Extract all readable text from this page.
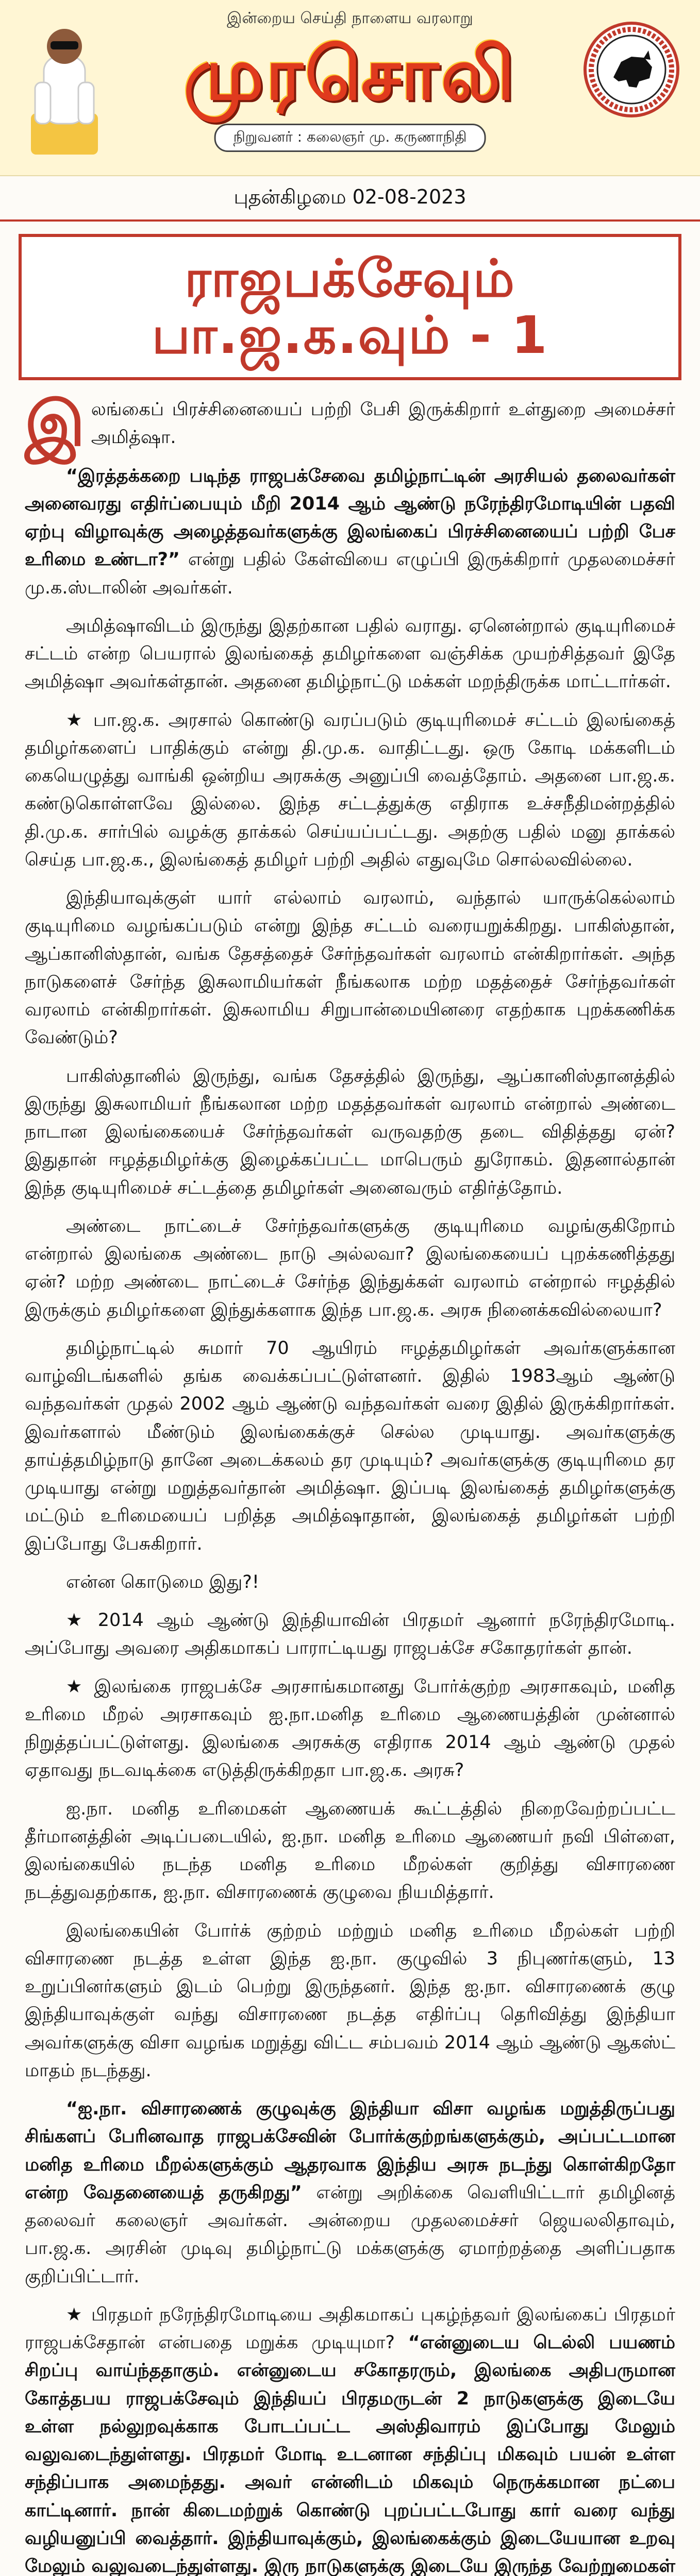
இன்றைய செய்தி நாளைய வரலாறு
முரசொலி
நிறுவனர் : கலைஞர் மு. கருணாநிதி
புதன்கிழமை 02-08-2023
ராஜபக்சேவும் பா.ஜ.க.வும் - 1

இலங்கைப் பிரச்சினையைப் பற்றி பேசி இருக்கிறார் உள்துறை அமைச்சர் அமித்ஷா.

“இரத்தக்கறை படிந்த ராஜபக்சேவை தமிழ்நாட்டின் அரசியல் தலைவர்கள் அனைவரது எதிர்ப்பையும் மீறி 2014 ஆம் ஆண்டு நரேந்திரமோடியின் பதவி ஏற்பு விழாவுக்கு அழைத்தவர்களுக்கு இலங்கைப் பிரச்சினையைப் பற்றி பேச உரிமை உண்டா?” என்று பதில் கேள்வியை எழுப்பி இருக்கிறார் முதலமைச்சர் மு.க.ஸ்டாலின் அவர்கள்.

அமித்ஷாவிடம் இருந்து இதற்கான பதில் வராது. ஏனென்றால் குடியுரிமைச் சட்டம் என்ற பெயரால் இலங்கைத் தமிழர்களை வஞ்சிக்க முயற்சித்தவர் இதே அமித்ஷா அவர்கள்தான். அதனை தமிழ்நாட்டு மக்கள் மறந்திருக்க மாட்டார்கள்.

★ பா.ஜ.க. அரசால் கொண்டு வரப்படும் குடியுரிமைச் சட்டம் இலங்கைத் தமிழர்களைப் பாதிக்கும் என்று தி.மு.க. வாதிட்டது. ஒரு கோடி மக்களிடம் கையெழுத்து வாங்கி ஒன்றிய அரசுக்கு அனுப்பி வைத்தோம். அதனை பா.ஜ.க. கண்டுகொள்ளவே இல்லை. இந்த சட்டத்துக்கு எதிராக உச்சநீதிமன்றத்தில் தி.மு.க. சார்பில் வழக்கு தாக்கல் செய்யப்பட்டது. அதற்கு பதில் மனு தாக்கல் செய்த பா.ஜ.க., இலங்கைத் தமிழர் பற்றி அதில் எதுவுமே சொல்லவில்லை.

இந்தியாவுக்குள் யார் எல்லாம் வரலாம், வந்தால் யாருக்கெல்லாம் குடியுரிமை வழங்கப்படும் என்று இந்த சட்டம் வரையறுக்கிறது. பாகிஸ்தான், ஆப்கானிஸ்தான், வங்க தேசத்தைச் சேர்ந்தவர்கள் வரலாம் என்கிறார்கள். அந்த நாடுகளைச் சேர்ந்த இசுலாமியர்கள் நீங்கலாக மற்ற மதத்தைச் சேர்ந்தவர்கள் வரலாம் என்கிறார்கள். இசுலாமிய சிறுபான்மையினரை எதற்காக புறக்கணிக்க வேண்டும்?

பாகிஸ்தானில் இருந்து, வங்க தேசத்தில் இருந்து, ஆப்கானிஸ்தானத்தில் இருந்து இசுலாமியர் நீங்கலான மற்ற மதத்தவர்கள் வரலாம் என்றால் அண்டை நாடான இலங்கையைச் சேர்ந்தவர்கள் வருவதற்கு தடை விதித்தது ஏன்? இதுதான் ஈழத்தமிழர்க்கு இழைக்கப்பட்ட மாபெரும் துரோகம். இதனால்தான் இந்த குடியுரிமைச் சட்டத்தை தமிழர்கள் அனைவரும் எதிர்த்தோம்.

அண்டை நாட்டைச் சேர்ந்தவர்களுக்கு குடியுரிமை வழங்குகிறோம் என்றால் இலங்கை அண்டை நாடு அல்லவா? இலங்கையைப் புறக்கணித்தது ஏன்? மற்ற அண்டை நாட்டைச் சேர்ந்த இந்துக்கள் வரலாம் என்றால் ஈழத்தில் இருக்கும் தமிழர்களை இந்துக்களாக இந்த பா.ஜ.க. அரசு நினைக்கவில்லையா?

தமிழ்நாட்டில் சுமார் 70 ஆயிரம் ஈழத்தமிழர்கள் அவர்களுக்கான வாழ்விடங்களில் தங்க வைக்கப்பட்டுள்ளனர். இதில் 1983ஆம் ஆண்டு வந்தவர்கள் முதல் 2002 ஆம் ஆண்டு வந்தவர்கள் வரை இதில் இருக்கிறார்கள். இவர்களால் மீண்டும் இலங்கைக்குச் செல்ல முடியாது. அவர்களுக்கு தாய்த்தமிழ்நாடு தானே அடைக்கலம் தர முடியும்? அவர்களுக்கு குடியுரிமை தர முடியாது என்று மறுத்தவர்தான் அமித்ஷா. இப்படி இலங்கைத் தமிழர்களுக்கு மட்டும் உரிமையைப் பறித்த அமித்ஷாதான், இலங்கைத் தமிழர்கள் பற்றி இப்போது பேசுகிறார்.

என்ன கொடுமை இது?!

★ 2014 ஆம் ஆண்டு இந்தியாவின் பிரதமர் ஆனார் நரேந்திரமோடி. அப்போது அவரை அதிகமாகப் பாராட்டியது ராஜபக்சே சகோதரர்கள் தான்.

★ இலங்கை ராஜபக்சே அரசாங்கமானது போர்க்குற்ற அரசாகவும், மனித உரிமை மீறல் அரசாகவும் ஐ.நா.மனித உரிமை ஆணையத்தின் முன்னால் நிறுத்தப்பட்டுள்ளது. இலங்கை அரசுக்கு எதிராக 2014 ஆம் ஆண்டு முதல் ஏதாவது நடவடிக்கை எடுத்திருக்கிறதா பா.ஜ.க. அரசு?

ஐ.நா. மனித உரிமைகள் ஆணையக் கூட்டத்தில் நிறைவேற்றப்பட்ட தீர்மானத்தின் அடிப்படையில், ஐ.நா. மனித உரிமை ஆணையர் நவி பிள்ளை, இலங்கையில் நடந்த மனித உரிமை மீறல்கள் குறித்து விசாரணை நடத்துவதற்காக, ஐ.நா. விசாரணைக் குழுவை நியமித்தார்.

இலங்கையின் போர்க் குற்றம் மற்றும் மனித உரிமை மீறல்கள் பற்றி விசாரணை நடத்த உள்ள இந்த ஐ.நா. குழுவில் 3 நிபுணர்களும், 13 உறுப்பினர்களும் இடம் பெற்று இருந்தனர். இந்த ஐ.நா. விசாரணைக் குழு இந்தியாவுக்குள் வந்து விசாரணை நடத்த எதிர்ப்பு தெரிவித்து இந்தியா அவர்களுக்கு விசா வழங்க மறுத்து விட்ட சம்பவம் 2014 ஆம் ஆண்டு ஆகஸ்ட் மாதம் நடந்தது.

“ஐ.நா. விசாரணைக் குழுவுக்கு இந்தியா விசா வழங்க மறுத்திருப்பது சிங்களப் பேரினவாத ராஜபக்சேவின் போர்க்குற்றங்களுக்கும், அப்பட்டமான மனித உரிமை மீறல்களுக்கும் ஆதரவாக இந்திய அரசு நடந்து கொள்கிறதோ என்ற வேதனையைத் தருகிறது” என்று அறிக்கை வெளியிட்டார் தமிழினத் தலைவர் கலைஞர் அவர்கள். அன்றைய முதலமைச்சர் ஜெயலலிதாவும், பா.ஜ.க. அரசின் முடிவு தமிழ்நாட்டு மக்களுக்கு ஏமாற்றத்தை அளிப்பதாக குறிப்பிட்டார்.

★ பிரதமர் நரேந்திரமோடியை அதிகமாகப் புகழ்ந்தவர் இலங்கைப் பிரதமர் ராஜபக்சேதான் என்பதை மறுக்க முடியுமா? “என்னுடைய டெல்லி பயணம் சிறப்பு வாய்ந்ததாகும். என்னுடைய சகோதரரும், இலங்கை அதிபருமான கோத்தபய ராஜபக்சேவும் இந்தியப் பிரதமருடன் 2 நாடுகளுக்கு இடையே உள்ள நல்லுறவுக்காக போடப்பட்ட அஸ்திவாரம் இப்போது மேலும் வலுவடைந்துள்ளது. பிரதமர் மோடி உடனான சந்திப்பு மிகவும் பயன் உள்ள சந்திப்பாக அமைந்தது. அவர் என்னிடம் மிகவும் நெருக்கமான நட்பை காட்டினார். நான் கிடைமற்றுக் கொண்டு புறப்பட்டபோது கார் வரை வந்து வழியனுப்பி வைத்தார். இந்தியாவுக்கும், இலங்கைக்கும் இடையேயான உறவு மேலும் வலுவடைந்துள்ளது. இரு நாடுகளுக்கு இடையே இருந்த வேற்றுமைகள்
